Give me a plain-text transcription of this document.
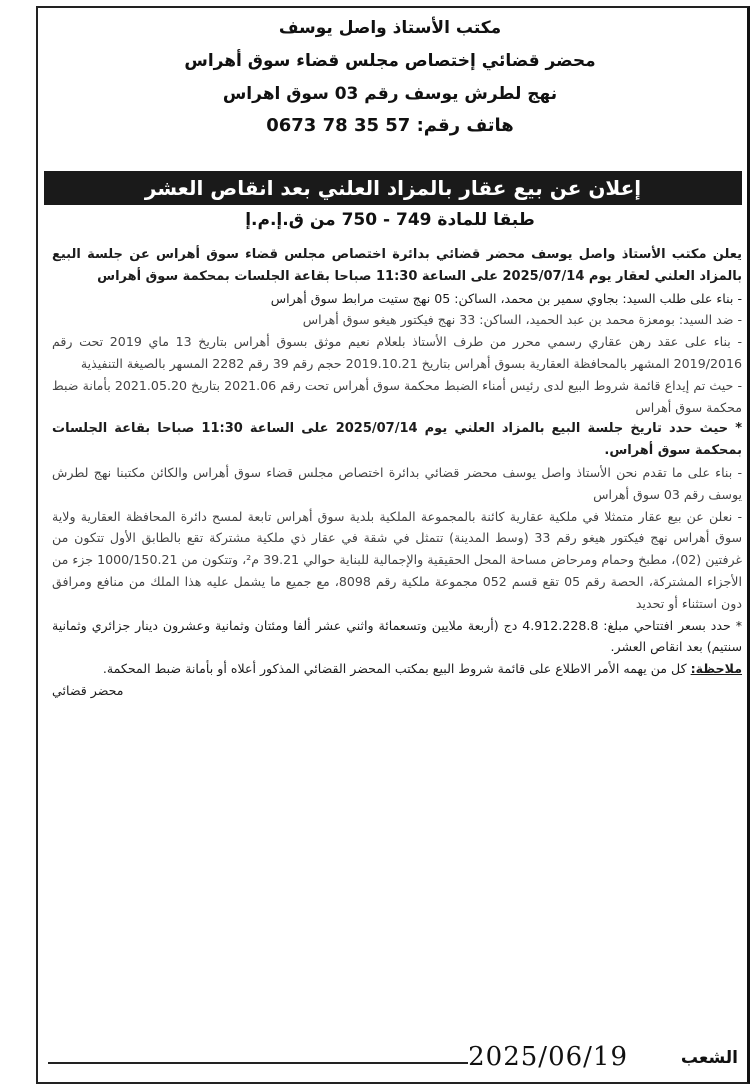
مكتب الأستاذ واصل يوسف
محضر قضائي إختصاص مجلس قضاء سوق أهراس
نهج لطرش يوسف رقم 03 سوق اهراس
هاتف رقم: 57 35 78 0673
إعلان عن بيع عقار بالمزاد العلني بعد انقاص العشر
طبقا للمادة 749 - 750 من ق.إ.م.إ

يعلن مكتب الأستاذ واصل يوسف محضر قضائي بدائرة اختصاص مجلس قضاء سوق أهراس عن جلسة البيع بالمزاد العلني لعقار يوم 2025/07/14 على الساعة 11:30 صباحا بقاعة الجلسات بمحكمة سوق أهراس

- بناء على طلب السيد: بجاوي سمير بن محمد، الساكن: 05 نهج ستيت مرابط سوق أهراس

- ضد السيد: بومعزة محمد بن عبد الحميد، الساكن: 33 نهج فيكتور هيغو سوق أهراس

- بناء على عقد رهن عقاري رسمي محرر من طرف الأستاذ بلعلام نعيم موثق بسوق أهراس بتاريخ 13 ماي 2019 تحت رقم 2019/2016 المشهر بالمحافظة العقارية بسوق أهراس بتاريخ 2019.10.21 حجم رقم 39 رقم 2282 المسهر بالصيغة التنفيذية

- حيث تم إيداع قائمة شروط البيع لدى رئيس أمناء الضبط محكمة سوق أهراس تحت رقم 2021.06 بتاريخ 2021.05.20 بأمانة ضبط محكمة سوق أهراس

* حيث حدد تاريخ جلسة البيع بالمزاد العلني يوم 2025/07/14 على الساعة 11:30 صباحا بقاعة الجلسات بمحكمة سوق أهراس.

- بناء على ما تقدم نحن الأستاذ واصل يوسف محضر قضائي بدائرة اختصاص مجلس قضاء سوق أهراس والكائن مكتبنا نهج لطرش يوسف رقم 03 سوق أهراس

- نعلن عن بيع عقار متمثلا في ملكية عقارية كائنة بالمجموعة الملكية بلدية سوق أهراس تابعة لمسح دائرة المحافظة العقارية ولاية سوق أهراس نهج فيكتور هيغو رقم 33 (وسط المدينة) تتمثل في شقة في عقار ذي ملكية مشتركة تقع بالطابق الأول تتكون من غرفتين (02)، مطبخ وحمام ومرحاض مساحة المحل الحقيقية والإجمالية للبناية حوالي 39.21 م²، وتتكون من 1000/150.21 جزء من الأجزاء المشتركة، الحصة رقم 05 تقع قسم 052 مجموعة ملكية رقم 8098، مع جميع ما يشمل عليه هذا الملك من منافع ومرافق دون استثناء أو تحديد

* حدد بسعر افتتاحي مبلغ: 4.912.228.8 دج (أربعة ملايين وتسعمائة واثني عشر ألفا ومئتان وثمانية وعشرون دينار جزائري وثمانية سنتيم) بعد انقاص العشر.

ملاحظة: كل من يهمه الأمر الاطلاع على قائمة شروط البيع بمكتب المحضر القضائي المذكور أعلاه أو بأمانة ضبط المحكمة.

محضر قضائي

الشعب
2025/06/19
